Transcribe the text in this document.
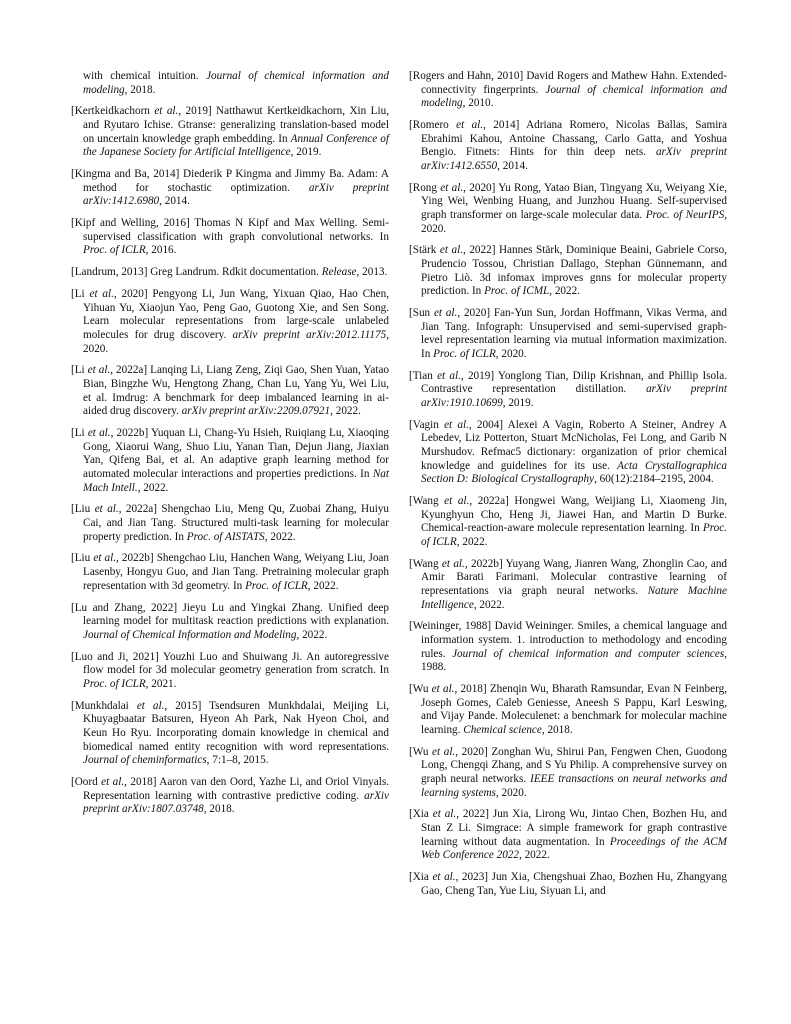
with chemical intuition. Journal of chemical information and modeling, 2018.

[Kertkeidkachorn et al., 2019] Natthawut Kertkeidkachorn, Xin Liu, and Ryutaro Ichise. Gtranse: generalizing translation-based model on uncertain knowledge graph embedding. In Annual Conference of the Japanese Society for Artificial Intelligence, 2019.

[Kingma and Ba, 2014] Diederik P Kingma and Jimmy Ba. Adam: A method for stochastic optimization. arXiv preprint arXiv:1412.6980, 2014.

[Kipf and Welling, 2016] Thomas N Kipf and Max Welling. Semi-supervised classification with graph convolutional networks. In Proc. of ICLR, 2016.

[Landrum, 2013] Greg Landrum. Rdkit documentation. Release, 2013.

[Li et al., 2020] Pengyong Li, Jun Wang, Yixuan Qiao, Hao Chen, Yihuan Yu, Xiaojun Yao, Peng Gao, Guotong Xie, and Sen Song. Learn molecular representations from large-scale unlabeled molecules for drug discovery. arXiv preprint arXiv:2012.11175, 2020.

[Li et al., 2022a] Lanqing Li, Liang Zeng, Ziqi Gao, Shen Yuan, Yatao Bian, Bingzhe Wu, Hengtong Zhang, Chan Lu, Yang Yu, Wei Liu, et al. Imdrug: A benchmark for deep imbalanced learning in ai-aided drug discovery. arXiv preprint arXiv:2209.07921, 2022.

[Li et al., 2022b] Yuquan Li, Chang-Yu Hsieh, Ruiqiang Lu, Xiaoqing Gong, Xiaorui Wang, Shuo Liu, Yanan Tian, Dejun Jiang, Jiaxian Yan, Qifeng Bai, et al. An adaptive graph learning method for automated molecular interactions and properties predictions. In Nat Mach Intell., 2022.

[Liu et al., 2022a] Shengchao Liu, Meng Qu, Zuobai Zhang, Huiyu Cai, and Jian Tang. Structured multi-task learning for molecular property prediction. In Proc. of AISTATS, 2022.

[Liu et al., 2022b] Shengchao Liu, Hanchen Wang, Weiyang Liu, Joan Lasenby, Hongyu Guo, and Jian Tang. Pretraining molecular graph representation with 3d geometry. In Proc. of ICLR, 2022.

[Lu and Zhang, 2022] Jieyu Lu and Yingkai Zhang. Unified deep learning model for multitask reaction predictions with explanation. Journal of Chemical Information and Modeling, 2022.

[Luo and Ji, 2021] Youzhi Luo and Shuiwang Ji. An autoregressive flow model for 3d molecular geometry generation from scratch. In Proc. of ICLR, 2021.

[Munkhdalai et al., 2015] Tsendsuren Munkhdalai, Meijing Li, Khuyagbaatar Batsuren, Hyeon Ah Park, Nak Hyeon Choi, and Keun Ho Ryu. Incorporating domain knowledge in chemical and biomedical named entity recognition with word representations. Journal of cheminformatics, 7:1–8, 2015.

[Oord et al., 2018] Aaron van den Oord, Yazhe Li, and Oriol Vinyals. Representation learning with contrastive predictive coding. arXiv preprint arXiv:1807.03748, 2018.

[Rogers and Hahn, 2010] David Rogers and Mathew Hahn. Extended-connectivity fingerprints. Journal of chemical information and modeling, 2010.

[Romero et al., 2014] Adriana Romero, Nicolas Ballas, Samira Ebrahimi Kahou, Antoine Chassang, Carlo Gatta, and Yoshua Bengio. Fitnets: Hints for thin deep nets. arXiv preprint arXiv:1412.6550, 2014.

[Rong et al., 2020] Yu Rong, Yatao Bian, Tingyang Xu, Weiyang Xie, Ying Wei, Wenbing Huang, and Junzhou Huang. Self-supervised graph transformer on large-scale molecular data. Proc. of NeurIPS, 2020.

[Stärk et al., 2022] Hannes Stärk, Dominique Beaini, Gabriele Corso, Prudencio Tossou, Christian Dallago, Stephan Günnemann, and Pietro Liò. 3d infomax improves gnns for molecular property prediction. In Proc. of ICML, 2022.

[Sun et al., 2020] Fan-Yun Sun, Jordan Hoffmann, Vikas Verma, and Jian Tang. Infograph: Unsupervised and semi-supervised graph-level representation learning via mutual information maximization. In Proc. of ICLR, 2020.

[Tian et al., 2019] Yonglong Tian, Dilip Krishnan, and Phillip Isola. Contrastive representation distillation. arXiv preprint arXiv:1910.10699, 2019.

[Vagin et al., 2004] Alexei A Vagin, Roberto A Steiner, Andrey A Lebedev, Liz Potterton, Stuart McNicholas, Fei Long, and Garib N Murshudov. Refmac5 dictionary: organization of prior chemical knowledge and guidelines for its use. Acta Crystallographica Section D: Biological Crystallography, 60(12):2184–2195, 2004.

[Wang et al., 2022a] Hongwei Wang, Weijiang Li, Xiaomeng Jin, Kyunghyun Cho, Heng Ji, Jiawei Han, and Martin D Burke. Chemical-reaction-aware molecule representation learning. In Proc. of ICLR, 2022.

[Wang et al., 2022b] Yuyang Wang, Jianren Wang, Zhonglin Cao, and Amir Barati Farimani. Molecular contrastive learning of representations via graph neural networks. Nature Machine Intelligence, 2022.

[Weininger, 1988] David Weininger. Smiles, a chemical language and information system. 1. introduction to methodology and encoding rules. Journal of chemical information and computer sciences, 1988.

[Wu et al., 2018] Zhenqin Wu, Bharath Ramsundar, Evan N Feinberg, Joseph Gomes, Caleb Geniesse, Aneesh S Pappu, Karl Leswing, and Vijay Pande. Moleculenet: a benchmark for molecular machine learning. Chemical science, 2018.

[Wu et al., 2020] Zonghan Wu, Shirui Pan, Fengwen Chen, Guodong Long, Chengqi Zhang, and S Yu Philip. A comprehensive survey on graph neural networks. IEEE transactions on neural networks and learning systems, 2020.

[Xia et al., 2022] Jun Xia, Lirong Wu, Jintao Chen, Bozhen Hu, and Stan Z Li. Simgrace: A simple framework for graph contrastive learning without data augmentation. In Proceedings of the ACM Web Conference 2022, 2022.

[Xia et al., 2023] Jun Xia, Chengshuai Zhao, Bozhen Hu, Zhangyang Gao, Cheng Tan, Yue Liu, Siyuan Li, and
